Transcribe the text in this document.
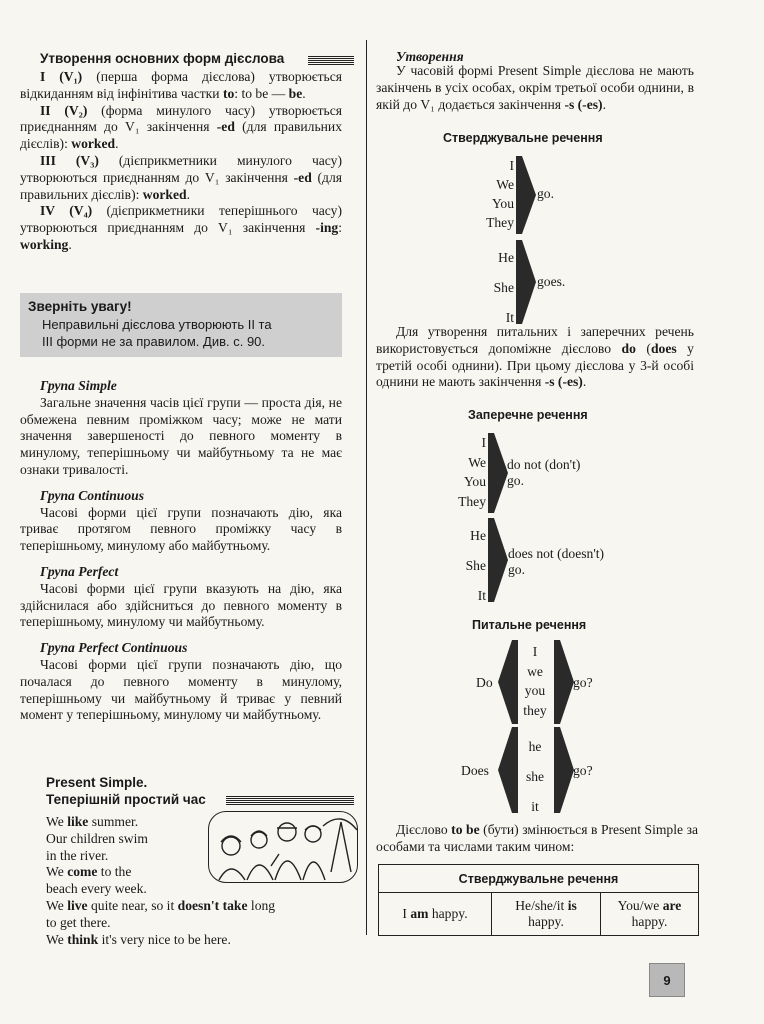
Утворення основних форм дієслова

I (V₁) (перша форма дієслова) утворюється відкиданням від інфінітива частки to: to be — be.

II (V₂) (форма минулого часу) утворюється приєднанням до V₁ закінчення -ed (для правильних дієслів): worked.

III (V₃) (дієприкметники минулого часу) утворюються приєднанням до V₁ закінчення -ed (для правильних дієслів): worked.

IV (V₄) (дієприкметники теперішнього часу) утворюються приєднанням до V₁ закінчення -ing: working.

Зверніть увагу!
Неправильні дієслова утворюють II та
III форми не за правилом. Див. с. 90.

Група Simple

Загальне значення часів цієї групи — проста дія, не обмежена певним проміжком часу; може не мати значення завершеності до певного моменту в минулому, теперішньому чи майбутньому та не має ознаки тривалості.

Група Continuous

Часові форми цієї групи позначають дію, яка триває протягом певного проміжку часу в теперішньому, минулому або майбутньому.

Група Perfect

Часові форми цієї групи вказують на дію, яка здійснилася або здійсниться до певного моменту в теперішньому, минулому чи майбутньому.

Група Perfect Continuous

Часові форми цієї групи позначають дію, що почалася до певного моменту в минулому, теперішньому чи майбутньому й триває у певний момент у теперішньому, минулому чи майбутньому.

Present Simple.
Теперішній простий час
We like summer.
Our children swim
in the river.
We come to the
beach every week.
We live quite near, so it doesn't take long
to get there.
We think it's very nice to be here.
Утворення

У часовій формі Present Simple дієслова не мають закінчень в усіх особах, окрім третьої особи однини, в якій до V₁ додається закінчення -s (-es).

Стверджувальне речення
I
We
You
They
go.
He
She
It
goes.

Для утворення питальних і заперечних речень використовується допоміжне дієслово do (does у третій особі однини). При цьому дієслова у 3-й особі однини не мають закінчення -s (-es).

Заперечне речення
I
We
You
They
do not (don't)
go.
He
She
It
does not (doesn't)
go.
Питальне речення
Do
I
we
you
they
go?
Does
he
she
it
go?

Дієслово to be (бути) змінюється в Present Simple за особами та числами таким чином:

Стверджувальне речення
I am happy.	He/she/it is happy.	You/we are happy.
9
